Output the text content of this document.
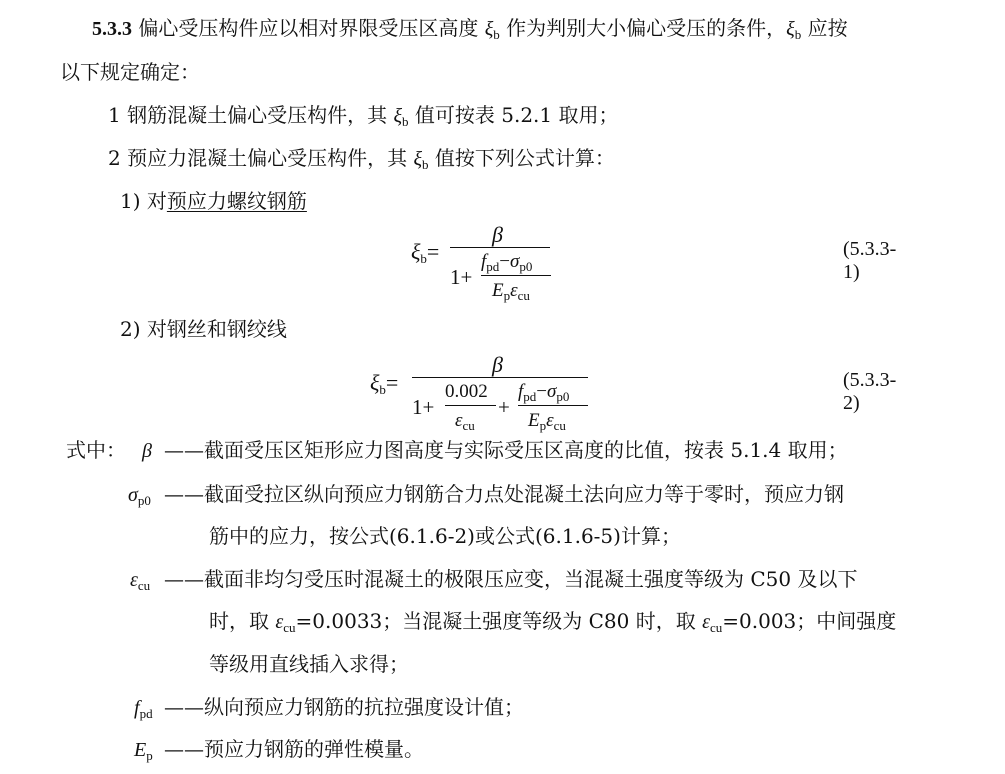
5.3.3 偏心受压构件应以相对界限受压区高度 $\xi_b$ 作为判别大小偏心受压的条件，$\xi_b$ 应按
以下规定确定：
1 钢筋混凝土偏心受压构件，其 $\xi_b$ 值可按表 5.2.1 取用；
2 预应力混凝土偏心受压构件，其 $\xi_b$ 值按下列公式计算：
1) 对预应力螺纹钢筋
$\xi_b=$
β
1+
$f_{pd}-\sigma_{p0}$
$E_p\varepsilon_{cu}$
(5.3.3-1)
2) 对钢丝和钢绞线
$\xi_b=$
β
1+
0.002
$\varepsilon_{cu}$
+
$f_{pd}-\sigma_{p0}$
$E_p\varepsilon_{cu}$
(5.3.3-2)
式中： β ——截面受压区矩形应力图高度与实际受压区高度的比值，按表 5.1.4 取用；
$\sigma_{p0}$ ——截面受拉区纵向预应力钢筋合力点处混凝土法向应力等于零时，预应力钢
筋中的应力，按公式(6.1.6-2)或公式(6.1.6-5)计算；
$\varepsilon_{cu}$ ——截面非均匀受压时混凝土的极限压应变，当混凝土强度等级为 C50 及以下
时，取 $\varepsilon_{cu}=0.0033$；当混凝土强度等级为 C80 时，取 $\varepsilon_{cu}=0.003$；中间强度
等级用直线插入求得；
$f_{pd}$ ——纵向预应力钢筋的抗拉强度设计值；
$E_p$ ——预应力钢筋的弹性模量。
